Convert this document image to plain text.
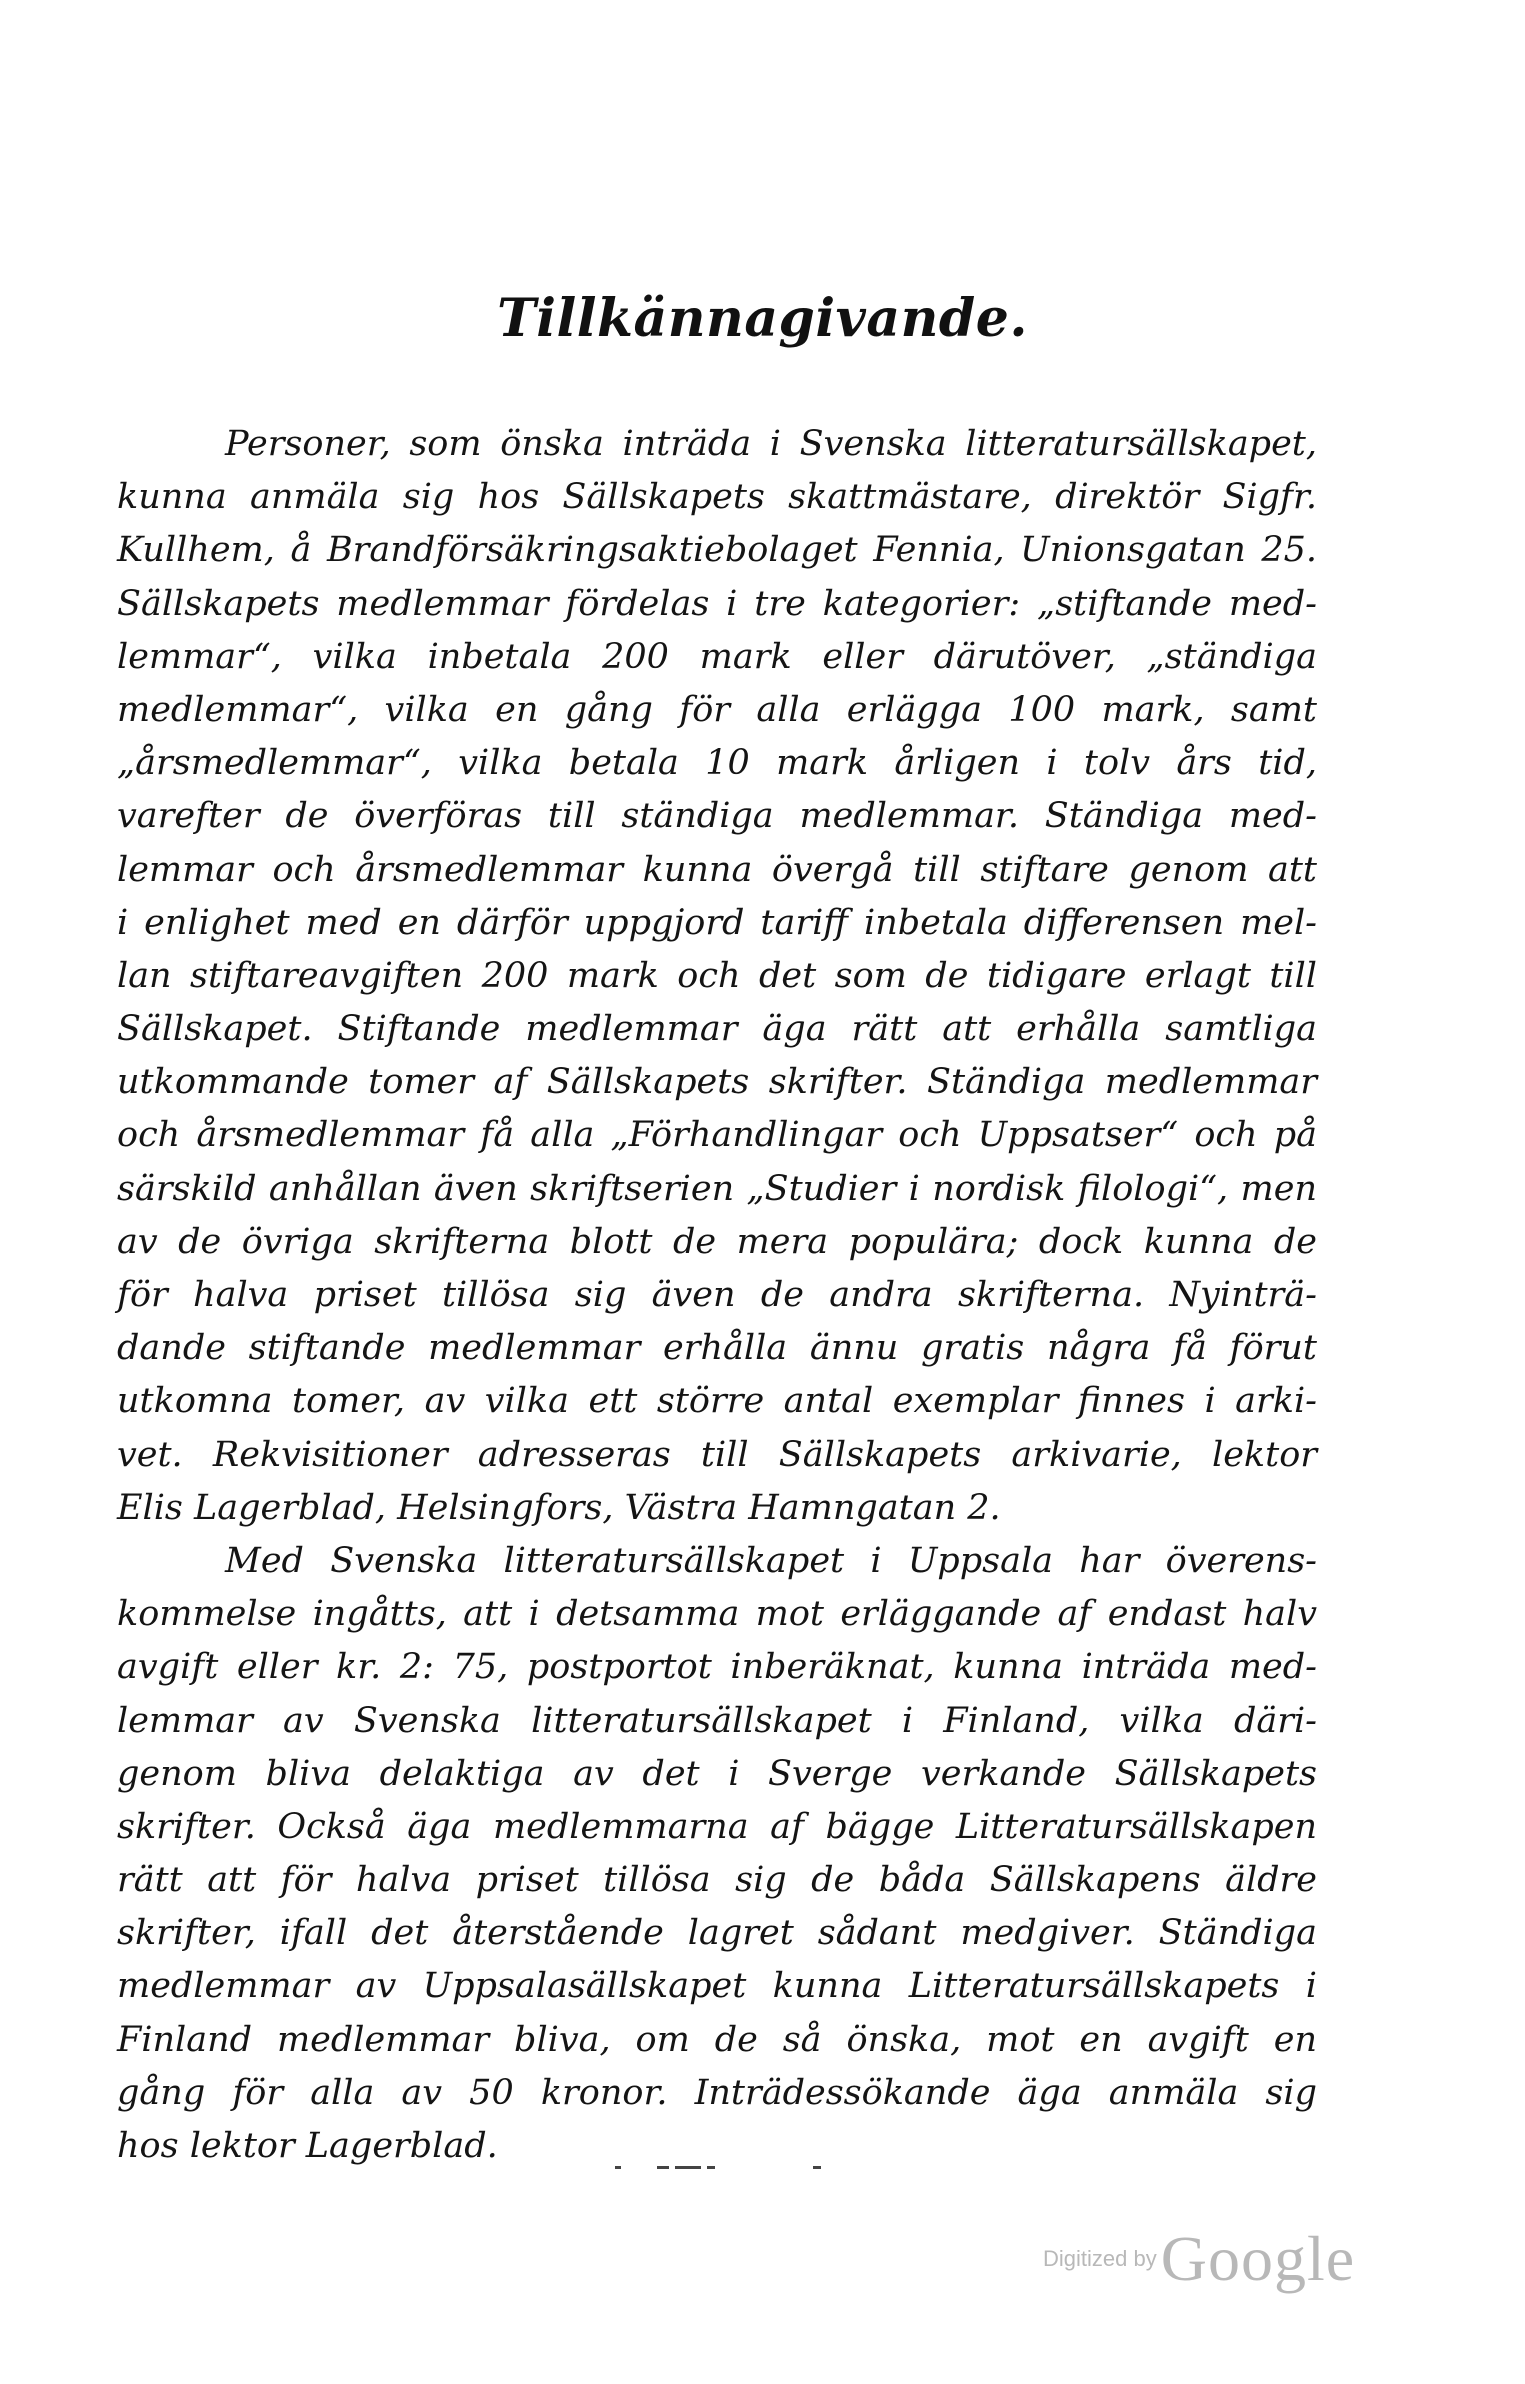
Tillkännagivande.
Personer, som önska inträda i Svenska litteratursällskapet,
kunna anmäla sig hos Sällskapets skattmästare, direktör Sigfr.
Kullhem, å Brandförsäkringsaktiebolaget Fennia, Unionsgatan 25.
Sällskapets medlemmar fördelas i tre kategorier: „stiftande med-
lemmar“, vilka inbetala 200 mark eller därutöver, „ständiga
medlemmar“, vilka en gång för alla erlägga 100 mark, samt
„årsmedlemmar“, vilka betala 10 mark årligen i tolv års tid,
varefter de överföras till ständiga medlemmar. Ständiga med-
lemmar och årsmedlemmar kunna övergå till stiftare genom att
i enlighet med en därför uppgjord tariff inbetala differensen mel-
lan stiftareavgiften 200 mark och det som de tidigare erlagt till
Sällskapet. Stiftande medlemmar äga rätt att erhålla samtliga
utkommande tomer af Sällskapets skrifter. Ständiga medlemmar
och årsmedlemmar få alla „Förhandlingar och Uppsatser“ och på
särskild anhållan även skriftserien „Studier i nordisk filologi“, men
av de övriga skrifterna blott de mera populära; dock kunna de
för halva priset tillösa sig även de andra skrifterna. Nyinträ-
dande stiftande medlemmar erhålla ännu gratis några få förut
utkomna tomer, av vilka ett större antal exemplar finnes i arki-
vet. Rekvisitioner adresseras till Sällskapets arkivarie, lektor
Elis Lagerblad, Helsingfors, Västra Hamngatan 2.
Med Svenska litteratursällskapet i Uppsala har överens-
kommelse ingåtts, att i detsamma mot erläggande af endast halv
avgift eller kr. 2: 75, postportot inberäknat, kunna inträda med-
lemmar av Svenska litteratursällskapet i Finland, vilka däri-
genom bliva delaktiga av det i Sverge verkande Sällskapets
skrifter. Också äga medlemmarna af bägge Litteratursällskapen
rätt att för halva priset tillösa sig de båda Sällskapens äldre
skrifter, ifall det återstående lagret sådant medgiver. Ständiga
medlemmar av Uppsalasällskapet kunna Litteratursällskapets i
Finland medlemmar bliva, om de så önska, mot en avgift en
gång för alla av 50 kronor. Inträdessökande äga anmäla sig
hos lektor Lagerblad.
Digitized by Google
